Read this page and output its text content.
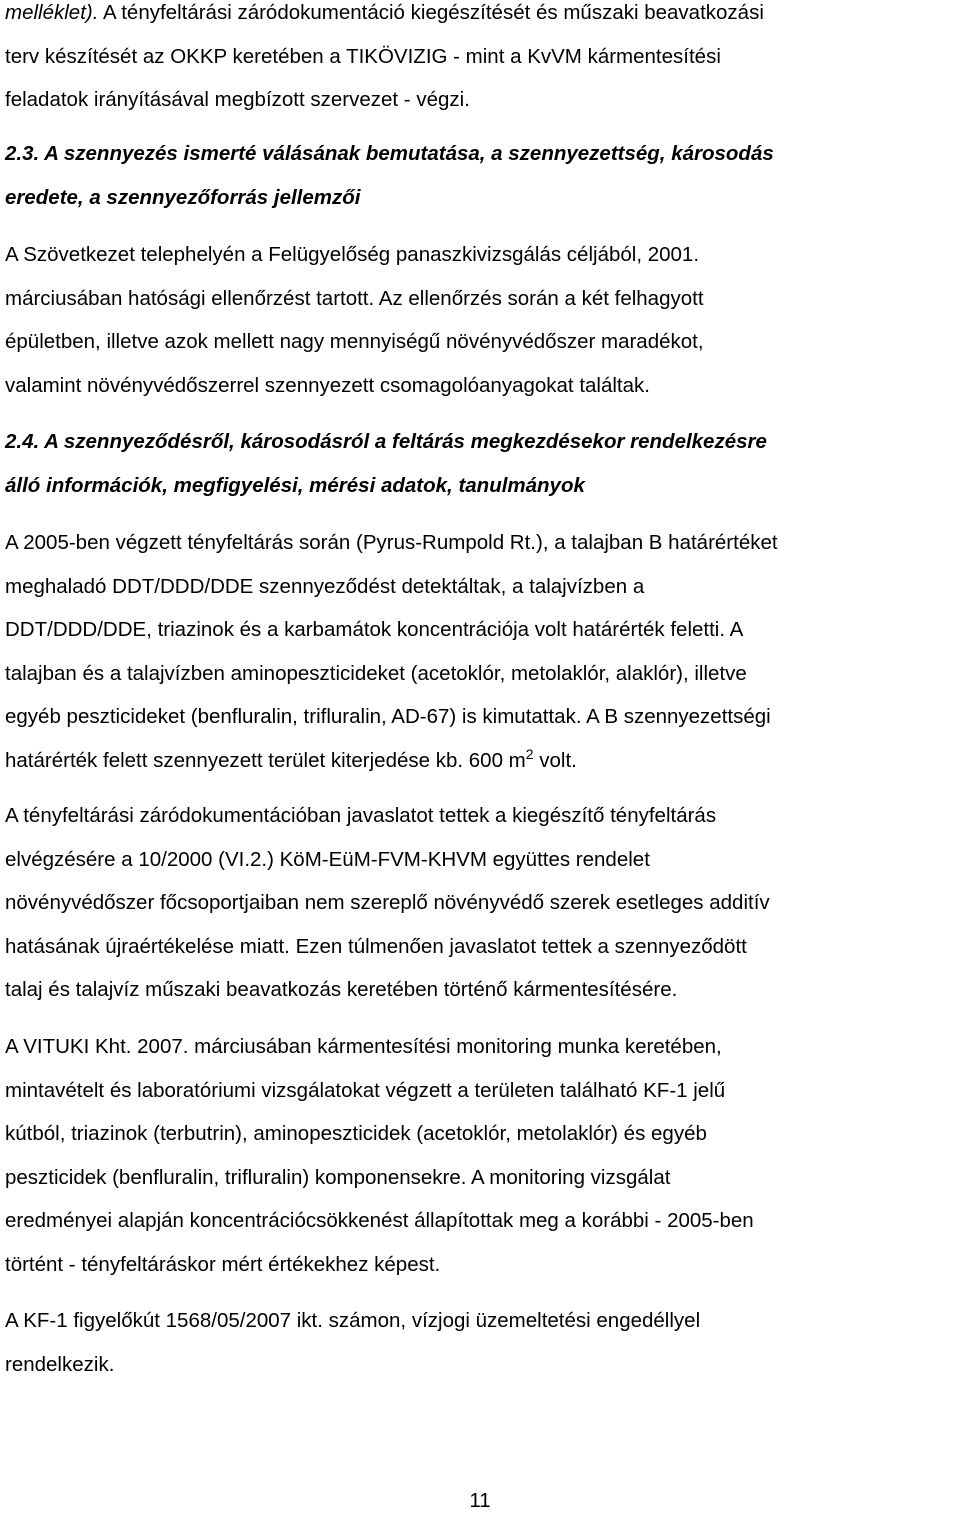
melléklet). A tényfeltárási záródokumentáció kiegészítését és műszaki beavatkozási
terv készítését az OKKP keretében a TIKÖVIZIG - mint a KvVM kármentesítési
feladatok irányításával megbízott szervezet - végzi.

2.3. A szennyezés ismerté válásának bemutatása, a szennyezettség, károsodás
eredete, a szennyezőforrás jellemzői

A Szövetkezet telephelyén a Felügyelőség panaszkivizsgálás céljából, 2001.
márciusában hatósági ellenőrzést tartott. Az ellenőrzés során a két felhagyott
épületben, illetve azok mellett nagy mennyiségű növényvédőszer maradékot,
valamint növényvédőszerrel szennyezett csomagolóanyagokat találtak.

2.4. A szennyeződésről, károsodásról a feltárás megkezdésekor rendelkezésre
álló információk, megfigyelési, mérési adatok, tanulmányok

A 2005-ben végzett tényfeltárás során (Pyrus-Rumpold Rt.), a talajban B határértéket
meghaladó DDT/DDD/DDE szennyeződést detektáltak, a talajvízben a
DDT/DDD/DDE, triazinok és a karbamátok koncentrációja volt határérték feletti. A
talajban és a talajvízben aminopeszticideket (acetoklór, metolaklór, alaklór), illetve
egyéb peszticideket (benfluralin, trifluralin, AD-67) is kimutattak. A B szennyezettségi
határérték felett szennyezett terület kiterjedése kb. 600 $m^2$ volt.

A tényfeltárási záródokumentációban javaslatot tettek a kiegészítő tényfeltárás
elvégzésére a 10/2000 (VI.2.) KöM-EüM-FVM-KHVM együttes rendelet
növényvédőszer főcsoportjaiban nem szereplő növényvédő szerek esetleges additív
hatásának újraértékelése miatt. Ezen túlmenően javaslatot tettek a szennyeződött
talaj és talajvíz műszaki beavatkozás keretében történő kármentesítésére.

A VITUKI Kht. 2007. márciusában kármentesítési monitoring munka keretében,
mintavételt és laboratóriumi vizsgálatokat végzett a területen található KF-1 jelű
kútból, triazinok (terbutrin), aminopeszticidek (acetoklór, metolaklór) és egyéb
peszticidek (benfluralin, trifluralin) komponensekre. A monitoring vizsgálat
eredményei alapján koncentrációcsökkenést állapítottak meg a korábbi - 2005-ben
történt - tényfeltáráskor mért értékekhez képest.

A KF-1 figyelőkút 1568/05/2007 ikt. számon, vízjogi üzemeltetési engedéllyel
rendelkezik.

11
